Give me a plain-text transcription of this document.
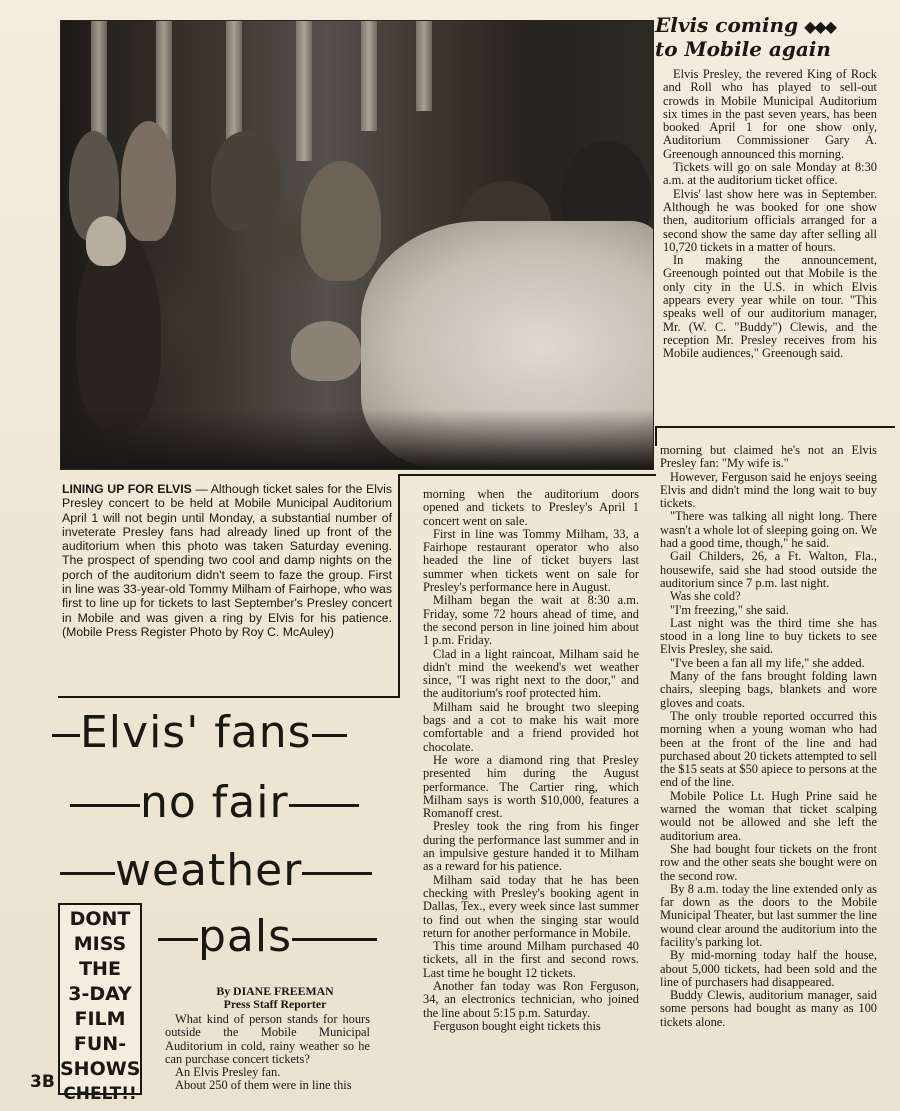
Elvis coming ◆◆◆
to Mobile again

Elvis Presley, the revered King of Rock and Roll who has played to sell-out crowds in Mobile Municipal Auditorium six times in the past seven years, has been booked April 1 for one show only, Auditorium Commissioner Gary A. Greenough announced this morning.

Tickets will go on sale Monday at 8:30 a.m. at the auditorium ticket office.

Elvis' last show here was in September. Although he was booked for one show then, auditorium officials arranged for a second show the same day after selling all 10,720 tickets in a matter of hours.

In making the announcement, Greenough pointed out that Mobile is the only city in the U.S. in which Elvis appears every year while on tour. "This speaks well of our auditorium manager, Mr. (W. C. "Buddy") Clewis, and the reception Mr. Presley receives from his Mobile audiences," Greenough said.

LINING UP FOR ELVIS — Although ticket sales for the Elvis Presley concert to be held at Mobile Municipal Auditorium April 1 will not begin until Monday, a substantial number of inveterate Presley fans had already lined up front of the auditorium when this photo was taken Saturday evening. The prospect of spending two cool and damp nights on the porch of the auditorium didn't seem to faze the group. First in line was 33-year-old Tommy Milham of Fairhope, who was first to line up for tickets to last September's Presley concert in Mobile and was given a ring by Elvis for his patience. (Mobile Press Register Photo by Roy C. McAuley)

morning when the auditorium doors opened and tickets to Presley's April 1 concert went on sale.

First in line was Tommy Milham, 33, a Fairhope restaurant operator who also headed the line of ticket buyers last summer when tickets went on sale for Presley's performance here in August.

Milham began the wait at 8:30 a.m. Friday, some 72 hours ahead of time, and the second person in line joined him about 1 p.m. Friday.

Clad in a light raincoat, Milham said he didn't mind the weekend's wet weather since, "I was right next to the door," and the auditorium's roof protected him.

Milham said he brought two sleeping bags and a cot to make his wait more comfortable and a friend provided hot chocolate.

He wore a diamond ring that Presley presented him during the August performance. The Cartier ring, which Milham says is worth $10,000, features a Romanoff crest.

Presley took the ring from his finger during the performance last summer and in an impulsive gesture handed it to Milham as a reward for his patience.

Milham said today that he has been checking with Presley's booking agent in Dallas, Tex., every week since last summer to find out when the singing star would return for another performance in Mobile.

This time around Milham purchased 40 tickets, all in the first and second rows. Last time he bought 12 tickets.

Another fan today was Ron Ferguson, 34, an electronics technician, who joined the line about 5:15 p.m. Saturday.

Ferguson bought eight tickets this

morning but claimed he's not an Elvis Presley fan: "My wife is."

However, Ferguson said he enjoys seeing Elvis and didn't mind the long wait to buy tickets.

"There was talking all night long. There wasn't a whole lot of sleeping going on. We had a good time, though," he said.

Gail Childers, 26, a Ft. Walton, Fla., housewife, said she had stood outside the auditorium since 7 p.m. last night.

Was she cold?

"I'm freezing," she said.

Last night was the third time she has stood in a long line to buy tickets to see Elvis Presley, she said.

"I've been a fan all my life," she added.

Many of the fans brought folding lawn chairs, sleeping bags, blankets and wore gloves and coats.

The only trouble reported occurred this morning when a young woman who had been at the front of the line and had purchased about 20 tickets attempted to sell the $15 seats at $50 apiece to persons at the end of the line.

Mobile Police Lt. Hugh Prine said he warned the woman that ticket scalping would not be allowed and she left the auditorium area.

She had bought four tickets on the front row and the other seats she bought were on the second row.

By 8 a.m. today the line extended only as far down as the doors to the Mobile Municipal Theater, but last summer the line wound clear around the auditorium into the facility's parking lot.

By mid-morning today half the house, about 5,000 tickets, had been sold and the line of purchasers had disappeared.

Buddy Clewis, auditorium manager, said some persons had bought as many as 100 tickets alone.

Elvis' fans
no fair
weather
pals
DONT
MISS
THE
3-DAY
FILM
FUN-
SHOWS
CHELT!!
By DIANE FREEMAN
Press Staff Reporter

What kind of person stands for hours outside the Mobile Municipal Auditorium in cold, rainy weather so he can purchase concert tickets?

An Elvis Presley fan.

About 250 of them were in line this

3B
